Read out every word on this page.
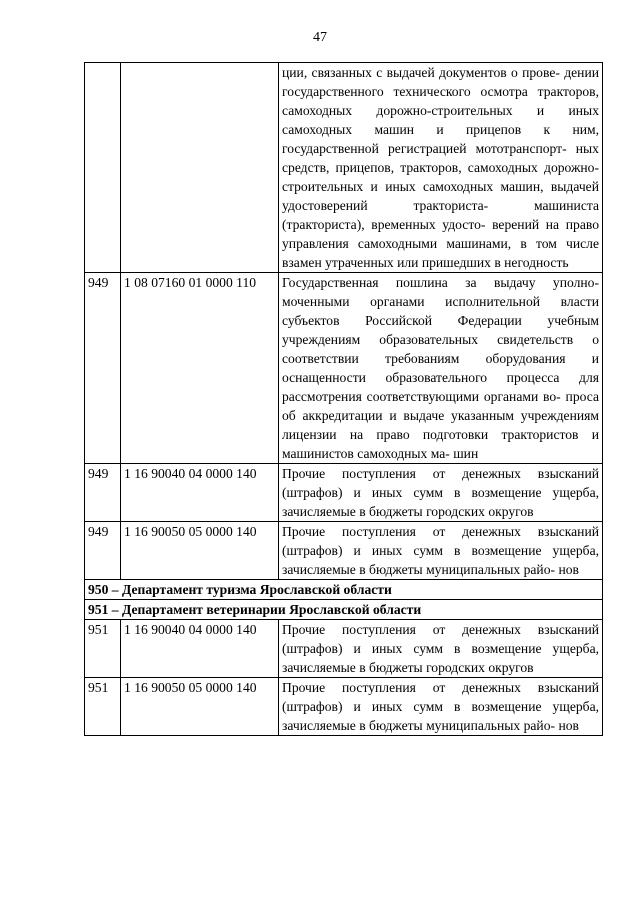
47
		ции, связанных с выдачей документов о прове- дении государственного технического осмотра тракторов, самоходных дорожно-строительных и иных самоходных машин и прицепов к ним, государственной регистрацией мототранспорт- ных средств, прицепов, тракторов, самоходных дорожно-строительных и иных самоходных машин, выдачей удостоверений тракториста- машиниста (тракториста), временных удосто- верений на право управления самоходными машинами, в том числе взамен утраченных или пришедших в негодность
949	1 08 07160 01 0000 110	Государственная пошлина за выдачу уполно- моченными органами исполнительной власти субъектов Российской Федерации учебным учреждениям образовательных свидетельств о соответствии требованиям оборудования и оснащенности образовательного процесса для рассмотрения соответствующими органами во- проса об аккредитации и выдаче указанным учреждениям лицензии на право подготовки трактористов и машинистов самоходных ма- шин
949	1 16 90040 04 0000 140	Прочие поступления от денежных взысканий (штрафов) и иных сумм в возмещение ущерба, зачисляемые в бюджеты городских округов
949	1 16 90050 05 0000 140	Прочие поступления от денежных взысканий (штрафов) и иных сумм в возмещение ущерба, зачисляемые в бюджеты муниципальных райо- нов
950 – Департамент туризма Ярославской области		
951 – Департамент ветеринарии Ярославской области		
951	1 16 90040 04 0000 140	Прочие поступления от денежных взысканий (штрафов) и иных сумм в возмещение ущерба, зачисляемые в бюджеты городских округов
951	1 16 90050 05 0000 140	Прочие поступления от денежных взысканий (штрафов) и иных сумм в возмещение ущерба, зачисляемые в бюджеты муниципальных райо- нов
